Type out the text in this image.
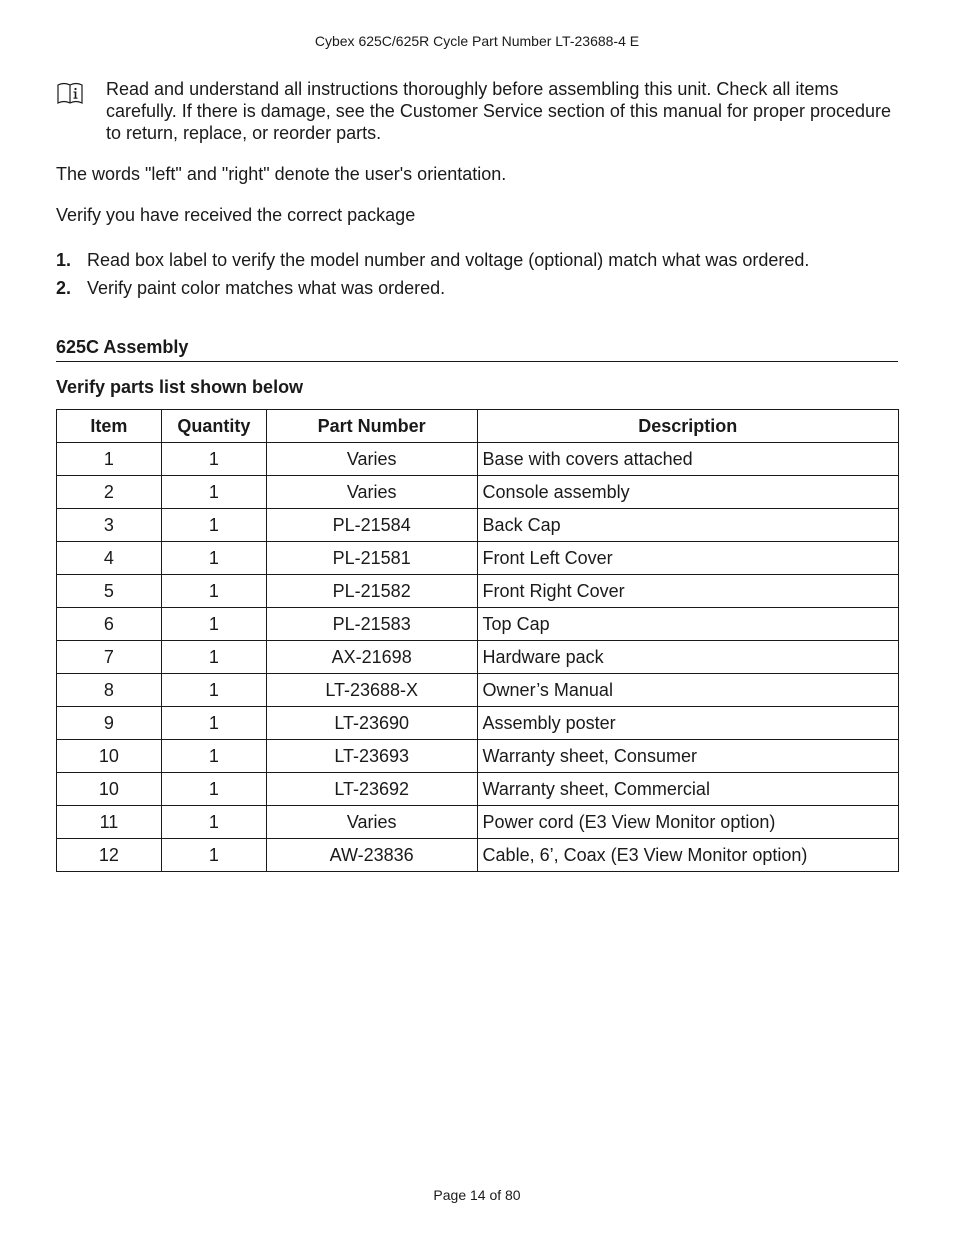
Cybex 625C/625R Cycle Part Number LT-23688-4 E
Read and understand all instructions thoroughly before assembling this unit. Check all items carefully. If there is damage, see the Customer Service section of this manual for proper procedure to return, replace, or reorder parts.
The words "left" and "right" denote the user's orientation.
Verify you have received the correct package
1. Read box label to verify the model number and voltage (optional) match what was ordered.
2. Verify paint color matches what was ordered.
625C Assembly
Verify parts list shown below
Item	Quantity	Part Number	Description
1	1	Varies	Base with covers attached
2	1	Varies	Console assembly
3	1	PL-21584	Back Cap
4	1	PL-21581	Front Left Cover
5	1	PL-21582	Front Right Cover
6	1	PL-21583	Top Cap
7	1	AX-21698	Hardware pack
8	1	LT-23688-X	Owner’s Manual
9	1	LT-23690	Assembly poster
10	1	LT-23693	Warranty sheet, Consumer
10	1	LT-23692	Warranty sheet, Commercial
11	1	Varies	Power cord (E3 View Monitor option)
12	1	AW-23836	Cable, 6’, Coax (E3 View Monitor option)
Page 14 of 80
